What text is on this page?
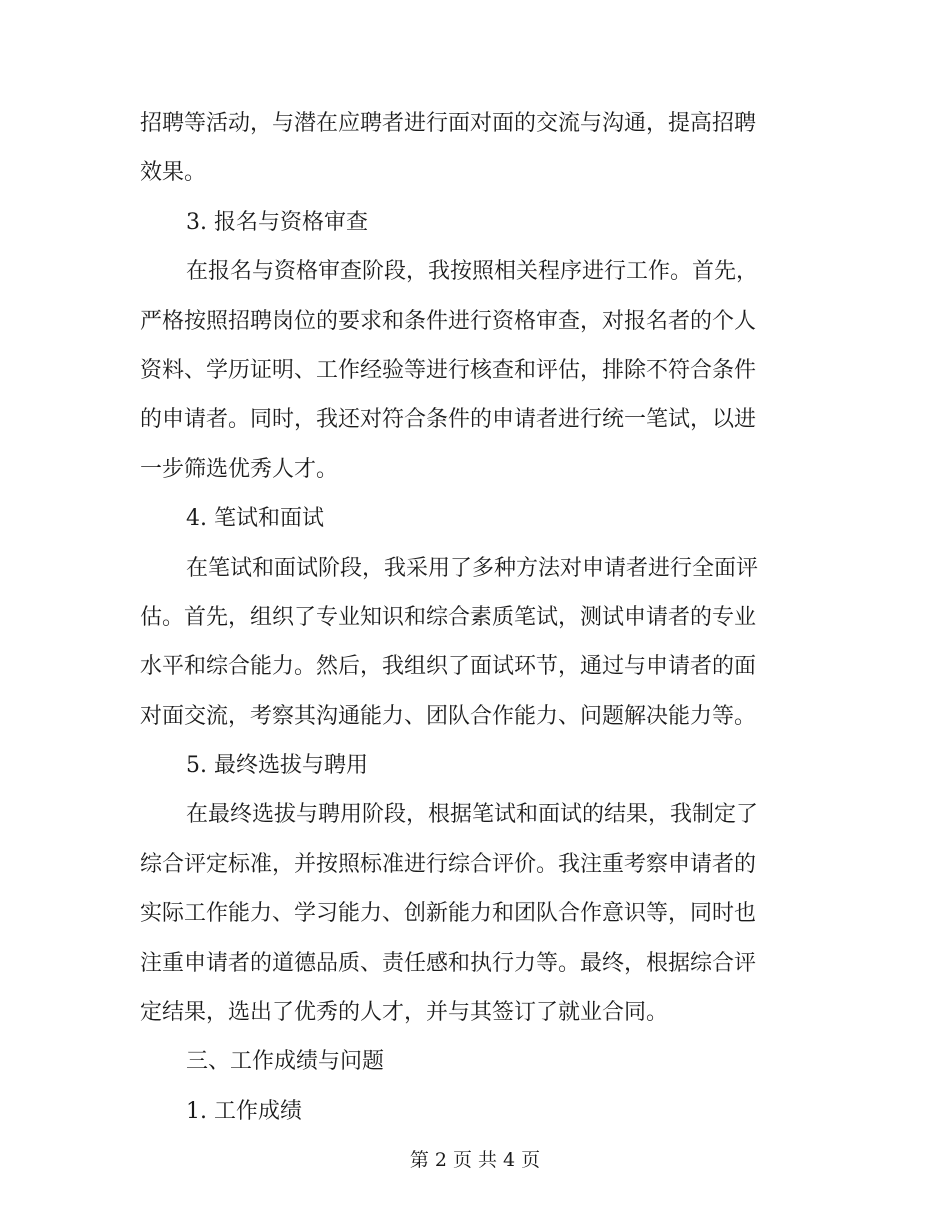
招聘等活动，与潜在应聘者进行面对面的交流与沟通，提高招聘
效果。
3. 报名与资格审查
在报名与资格审查阶段，我按照相关程序进行工作。首先，
严格按照招聘岗位的要求和条件进行资格审查，对报名者的个人
资料、学历证明、工作经验等进行核查和评估，排除不符合条件
的申请者。同时，我还对符合条件的申请者进行统一笔试，以进
一步筛选优秀人才。
4. 笔试和面试
在笔试和面试阶段，我采用了多种方法对申请者进行全面评
估。首先，组织了专业知识和综合素质笔试，测试申请者的专业
水平和综合能力。然后，我组织了面试环节，通过与申请者的面
对面交流，考察其沟通能力、团队合作能力、问题解决能力等。
5. 最终选拔与聘用
在最终选拔与聘用阶段，根据笔试和面试的结果，我制定了
综合评定标准，并按照标准进行综合评价。我注重考察申请者的
实际工作能力、学习能力、创新能力和团队合作意识等，同时也
注重申请者的道德品质、责任感和执行力等。最终，根据综合评
定结果，选出了优秀的人才，并与其签订了就业合同。
三、工作成绩与问题
1. 工作成绩
第 2 页 共 4 页
